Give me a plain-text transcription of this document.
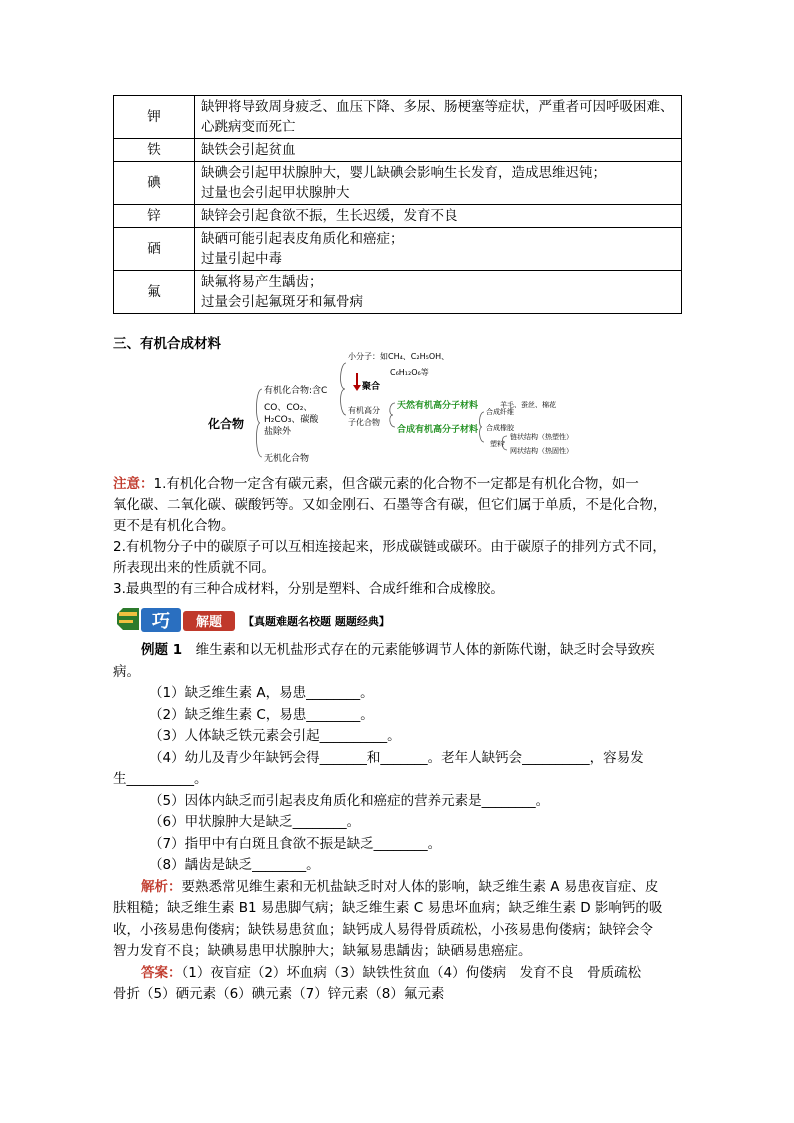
钾	缺钾将导致周身疲乏、血压下降、多尿、肠梗塞等症状，严重者可因呼吸困难、
心跳病变而死亡

铁	缺铁会引起贫血

碘	缺碘会引起甲状腺肿大，婴儿缺碘会影响生长发育，造成思维迟钝；
过量也会引起甲状腺肿大

锌	缺锌会引起食欲不振，生长迟缓，发育不良

硒	缺硒可能引起表皮角质化和癌症；
过量引起中毒

氟	缺氟将易产生龋齿；
过量会引起氟斑牙和氟骨病
三、有机合成材料
化合物
有机化合物:含C
CO、CO₂、
H₂CO₃、碳酸
盐除外
无机化合物
小分子：如CH₄、C₂H₅OH、
C₆H₁₂O₆等
聚合
有机高分
子化合物
天然有机高分子材料	羊毛、蚕丝、棉花
合成有机高分子材料
合成纤维
合成橡胶
塑料
链状结构（热塑性）
网状结构（热固性）
注意：1.有机化合物一定含有碳元素，但含碳元素的化合物不一定都是有机化合物，如一
氧化碳、二氧化碳、碳酸钙等。又如金刚石、石墨等含有碳，但它们属于单质，不是化合物，
更不是有机化合物。
2.有机物分子中的碳原子可以互相连接起来，形成碳链或碳环。由于碳原子的排列方式不同，
所表现出来的性质就不同。
3.最典型的有三种合成材料，分别是塑料、合成纤维和合成橡胶。
巧 解题 【真题难题名校题 题题经典】
例题 1　 维生素和以无机盐形式存在的元素能够调节人体的新陈代谢，缺乏时会导致疾
病。
（1）缺乏维生素 A，易患________。
（2）缺乏维生素 C，易患________。
（3）人体缺乏铁元素会引起__________。
（4）幼儿及青少年缺钙会得_______和_______。老年人缺钙会__________，容易发
生__________。
（5）因体内缺乏而引起表皮角质化和癌症的营养元素是________。
（6）甲状腺肿大是缺乏________。
（7）指甲中有白斑且食欲不振是缺乏________。
（8）龋齿是缺乏________。
解析：要熟悉常见维生素和无机盐缺乏时对人体的影响，缺乏维生素 A 易患夜盲症、皮
肤粗糙；缺乏维生素 B1 易患脚气病；缺乏维生素 C 易患坏血病；缺乏维生素 D 影响钙的吸
收，小孩易患佝偻病；缺铁易患贫血；缺钙成人易得骨质疏松，小孩易患佝偻病；缺锌会令
智力发育不良；缺碘易患甲状腺肿大；缺氟易患龋齿；缺硒易患癌症。
答案：（1）夜盲症（2）坏血病（3）缺铁性贫血（4）佝偻病　发育不良　骨质疏松
骨折（5）硒元素（6）碘元素（7）锌元素（8）氟元素
